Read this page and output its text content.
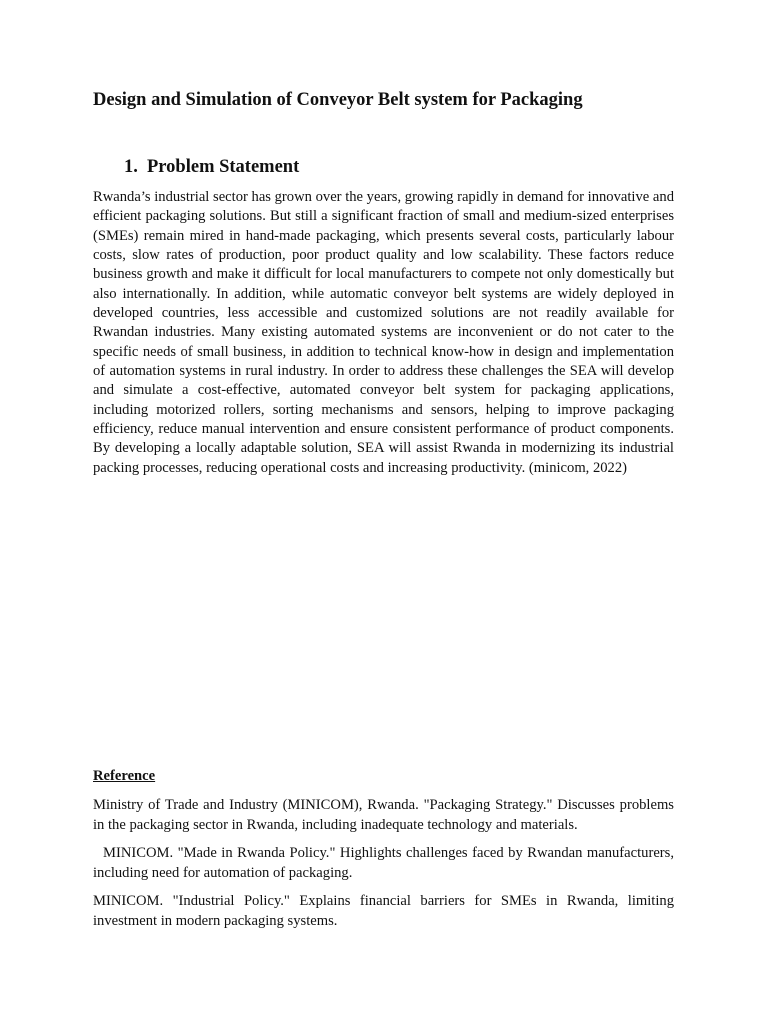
Design and Simulation of Conveyor Belt system for Packaging
1. Problem Statement

Rwanda’s industrial sector has grown over the years, growing rapidly in demand for innovative and efficient packaging solutions. But still a significant fraction of small and medium-sized enterprises (SMEs) remain mired in hand-made packaging, which presents several costs, particularly labour costs, slow rates of production, poor product quality and low scalability. These factors reduce business growth and make it difficult for local manufacturers to compete not only domestically but also internationally. In addition, while automatic conveyor belt systems are widely deployed in developed countries, less accessible and customized solutions are not readily available for Rwandan industries. Many existing automated systems are inconvenient or do not cater to the specific needs of small business, in addition to technical know-how in design and implementation of automation systems in rural industry. In order to address these challenges the SEA will develop and simulate a cost-effective, automated conveyor belt system for packaging applications, including motorized rollers, sorting mechanisms and sensors, helping to improve packaging efficiency, reduce manual intervention and ensure consistent performance of product components. By developing a locally adaptable solution, SEA will assist Rwanda in modernizing its industrial packing processes, reducing operational costs and increasing productivity. (minicom, 2022)

Reference

Ministry of Trade and Industry (MINICOM), Rwanda. "Packaging Strategy." Discusses problems in the packaging sector in Rwanda, including inadequate technology and materials.

MINICOM. "Made in Rwanda Policy." Highlights challenges faced by Rwandan manufacturers, including need for automation of packaging.

MINICOM. "Industrial Policy." Explains financial barriers for SMEs in Rwanda, limiting investment in modern packaging systems.
